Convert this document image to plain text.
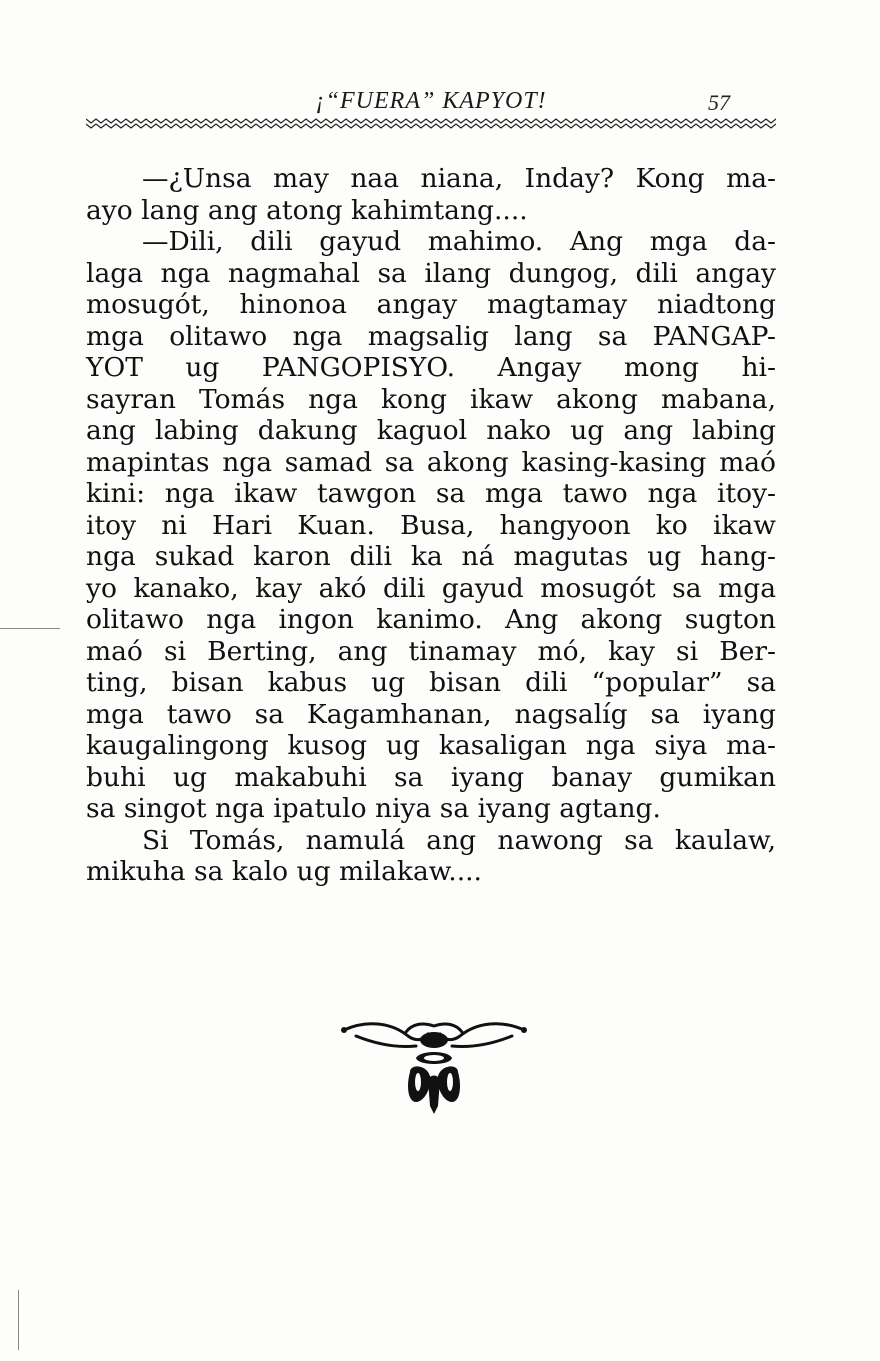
¡“FUERA” KAPYOT!	57
—¿Unsa may naa niana, Inday? Kong ma-
ayo lang ang atong kahimtang....
—Dili, dili gayud mahimo. Ang mga da-
laga nga nagmahal sa ilang dungog, dili angay
mosugót, hinonoa angay magtamay niadtong
mga olitawo nga magsalig lang sa PANGAP-
YOT ug PANGOPISYO. Angay mong hi-
sayran Tomás nga kong ikaw akong mabana,
ang labing dakung kaguol nako ug ang labing
mapintas nga samad sa akong kasing-kasing maó
kini: nga ikaw tawgon sa mga tawo nga itoy-
itoy ni Hari Kuan. Busa, hangyoon ko ikaw
nga sukad karon dili ka ná magutas ug hang-
yo kanako, kay akó dili gayud mosugót sa mga
olitawo nga ingon kanimo. Ang akong sugton
maó si Berting, ang tinamay mó, kay si Ber-
ting, bisan kabus ug bisan dili “popular” sa
mga tawo sa Kagamhanan, nagsalíg sa iyang
kaugalingong kusog ug kasaligan nga siya ma-
buhi ug makabuhi sa iyang banay gumikan
sa singot nga ipatulo niya sa iyang agtang.
Si Tomás, namulá ang nawong sa kaulaw,
mikuha sa kalo ug milakaw....
